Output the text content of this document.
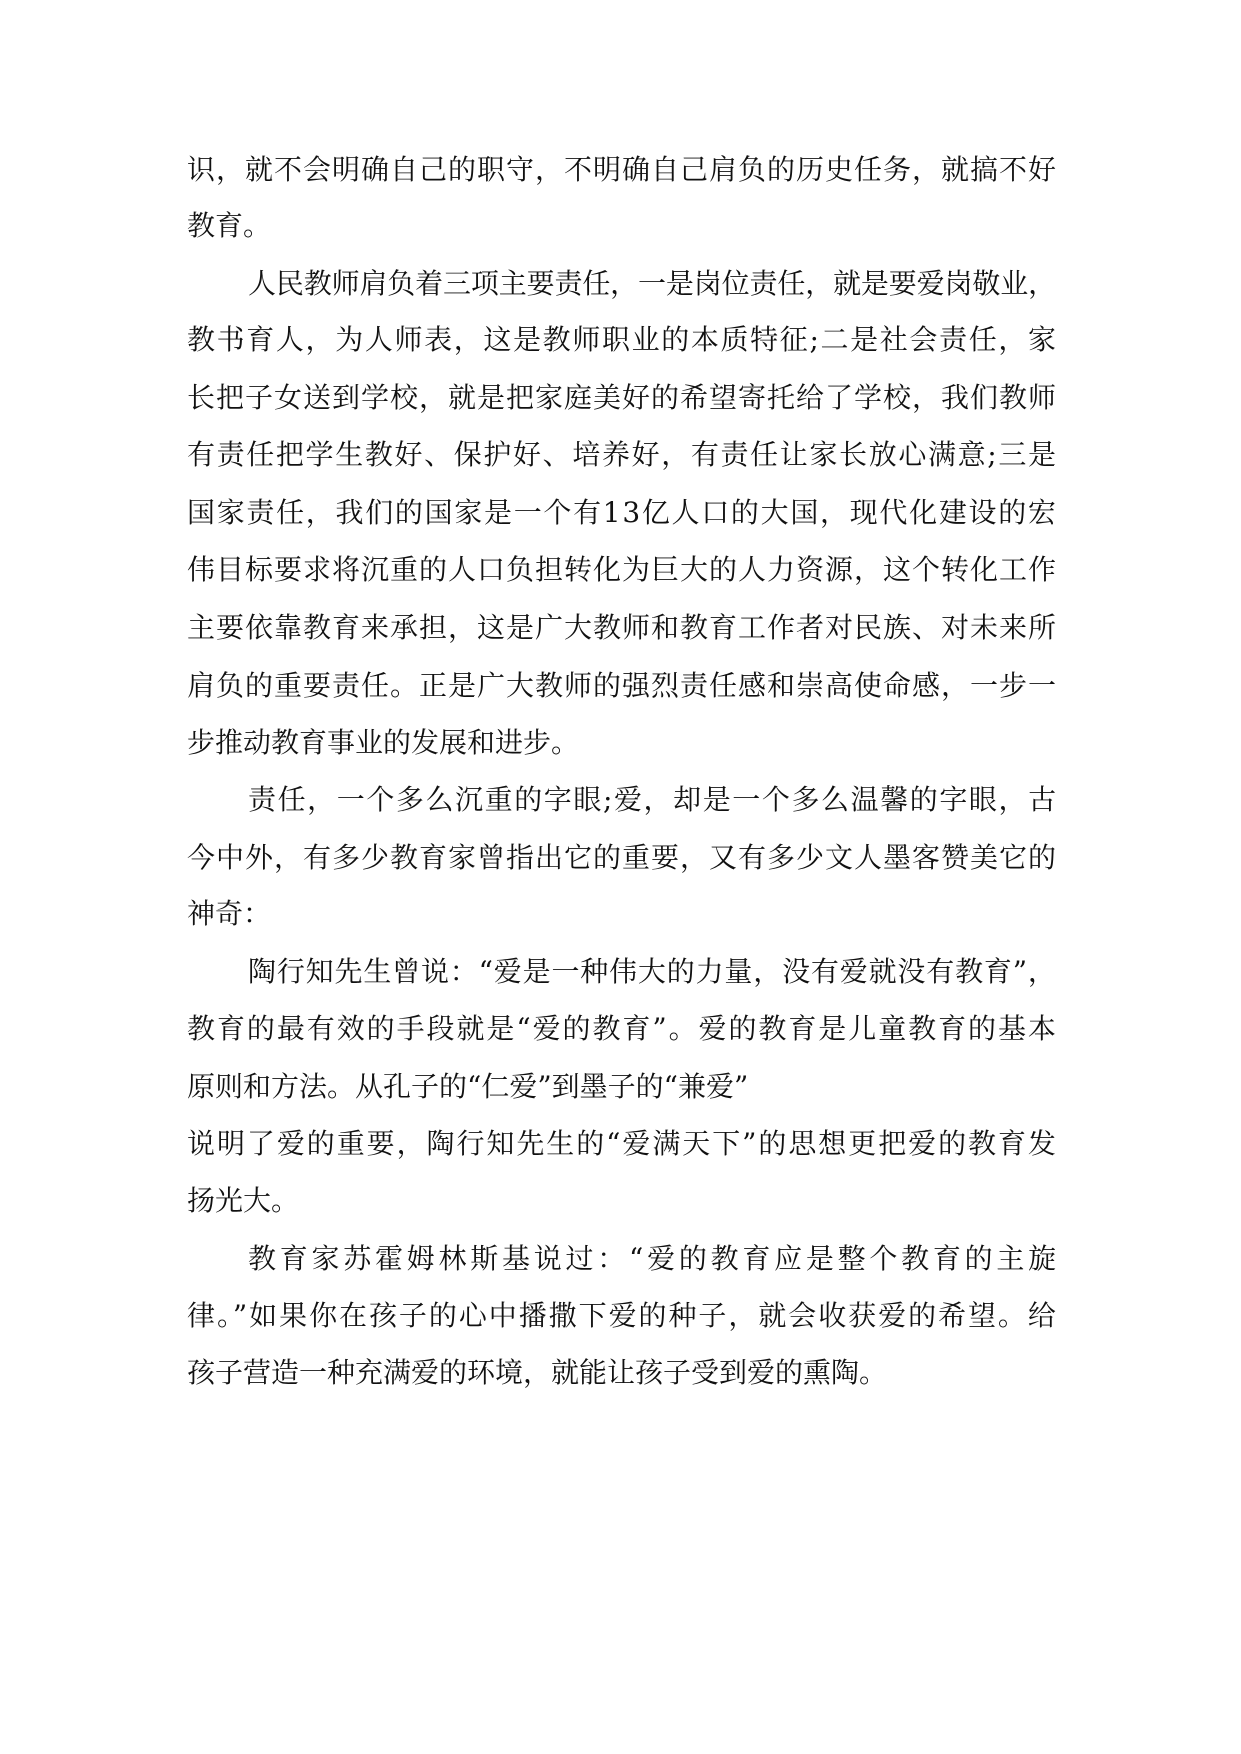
识，就不会明确自己的职守，不明确自己肩负的历史任务，就搞不好
教育。
人民教师肩负着三项主要责任，一是岗位责任，就是要爱岗敬业，
教书育人，为人师表，这是教师职业的本质特征;二是社会责任，家
长把子女送到学校，就是把家庭美好的希望寄托给了学校，我们教师
有责任把学生教好、保护好、培养好，有责任让家长放心满意;三是
国家责任，我们的国家是一个有13亿人口的大国，现代化建设的宏
伟目标要求将沉重的人口负担转化为巨大的人力资源，这个转化工作
主要依靠教育来承担，这是广大教师和教育工作者对民族、对未来所
肩负的重要责任。正是广大教师的强烈责任感和崇高使命感，一步一
步推动教育事业的发展和进步。
责任，一个多么沉重的字眼;爱，却是一个多么温馨的字眼，古
今中外，有多少教育家曾指出它的重要，又有多少文人墨客赞美它的
神奇：
陶行知先生曾说：“爱是一种伟大的力量，没有爱就没有教育”，
教育的最有效的手段就是“爱的教育”。爱的教育是儿童教育的基本
原则和方法。从孔子的“仁爱”到墨子的“兼爱”
说明了爱的重要，陶行知先生的“爱满天下”的思想更把爱的教育发
扬光大。
教育家苏霍姆林斯基说过：“爱的教育应是整个教育的主旋
律。”如果你在孩子的心中播撒下爱的种子，就会收获爱的希望。给
孩子营造一种充满爱的环境，就能让孩子受到爱的熏陶。
